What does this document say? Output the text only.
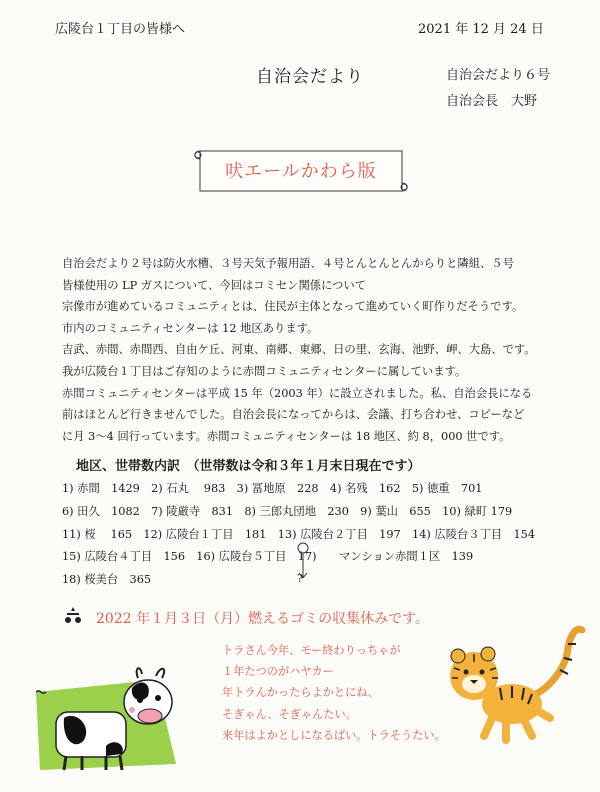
広陵台１丁目の皆様へ	2021 年 12 月 24 日
自治会だより	自治会だより６号
自治会長　大野
吠エールかわら版
自治会だより２号は防火水槽、３号天気予報用語、４号とんとんとんからりと隣組、５号
皆様使用の LP ガスについて、今回はコミセン関係について
宗像市が進めているコミュニティとは、住民が主体となって進めていく町作りだそうです。
市内のコミュニティセンターは 12 地区あります。
吉武、赤間、赤間西、自由ケ丘、河東、南郷、東郷、日の里、玄海、池野、岬、大島、です。
我が広陵台１丁目はご存知のように赤間コミュニティセンターに属しています。
赤間コミュニティセンターは平成 15 年（2003 年）に設立されました。私、自治会長になる
前はほとんど行きませんでした。自治会長になってからは、会議、打ち合わせ、コピーなど
に月 3～4 回行っています。赤間コミュニティセンターは 18 地区、約 8，000 世です。
地区、世帯数内訳　（世帯数は令和３年１月末日現在です）
1) 赤間　1429　2) 石丸　 983　3) 冨地原　228　4) 名残　162　5) 徳重　701
6) 田久　1082　7) 陵厳寺　831　8) 三郎丸団地　230　9) 葉山　655　10) 緑町 179
11) 桜　 165　12) 広陵台１丁目　181　13) 広陵台２丁目　197　14) 広陵台３丁目　154
15) 広陵台４丁目　156　16) 広陵台５丁目　17)　　マンション赤間１区　139
18) 桜美台　365	?
2022 年１月３日（月）燃えるゴミの収集休みです。
トラさん今年、モー終わりっちゃが
１年たつのがハヤカー
年トラんかったらよかとにね、
そぎゃん、そぎゃんたい。
来年はよかとしになるばい。トラそうたい。
